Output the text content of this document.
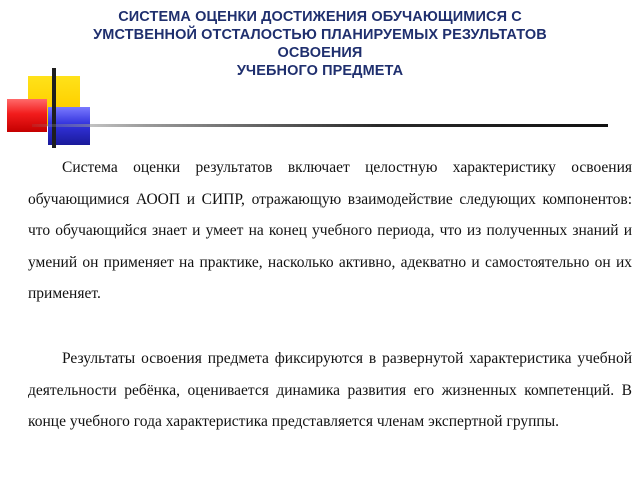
СИСТЕМА ОЦЕНКИ ДОСТИЖЕНИЯ ОБУЧАЮЩИМИСЯ С
УМСТВЕННОЙ ОТСТАЛОСТЬЮ ПЛАНИРУЕМЫХ РЕЗУЛЬТАТОВ
ОСВОЕНИЯ
УЧЕБНОГО ПРЕДМЕТА

Система оценки результатов включает целостную характеристику освоения обучающимися АООП и СИПР, отражающую взаимодействие следующих компонентов: что обучающийся знает и умеет на конец учебного периода, что из полученных знаний и умений он применяет на практике, насколько активно, адекватно и самостоятельно он их применяет.

Результаты освоения предмета фиксируются в развернутой характеристика учебной деятельности ребёнка, оценивается динамика развития его жизненных компетенций. В конце учебного года характеристика представляется членам экспертной группы.
